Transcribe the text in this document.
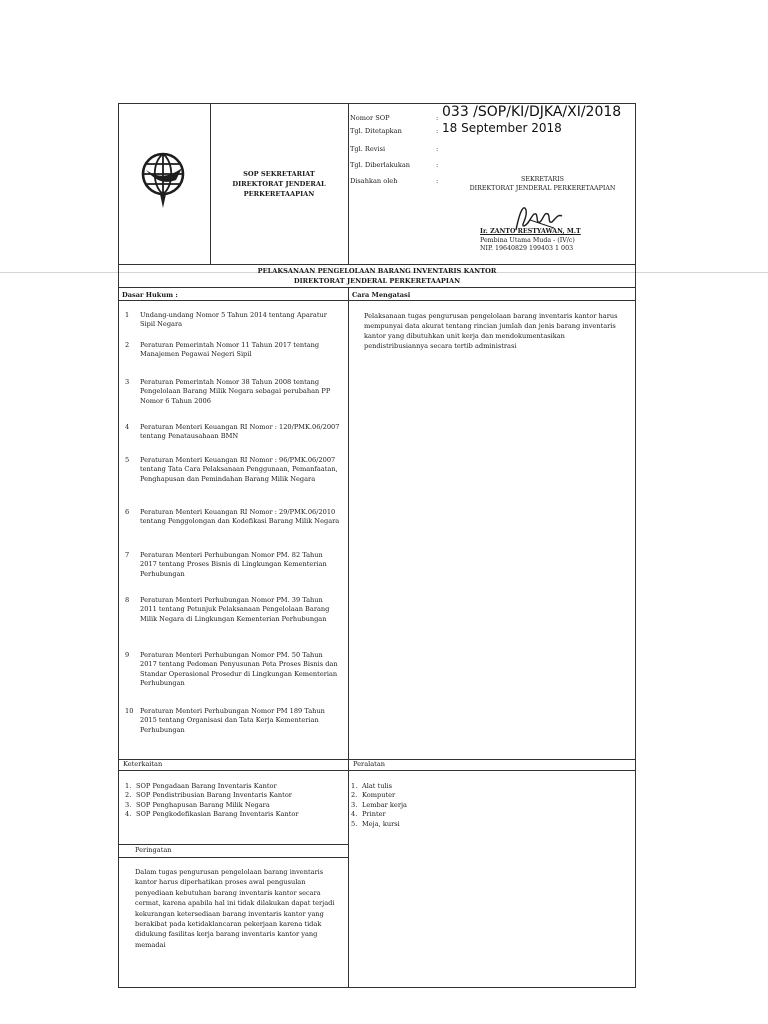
SOP SEKRETARIAT DIREKTORAT JENDERAL PERKERETAAPIAN
Nomor SOP	: 033 /SOP/KI/DJKA/XI/2018
Tgl. Ditetapkan	: 18 September 2018
Tgl. Revisi	:
Tgl. Diberlakukan	:
Disahkan oleh	:	SEKRETARIS
DIREKTORAT JENDERAL PERKERETAAPIAN
Ir. ZANTO RESTYAWAN, M.T
Pembina Utama Muda - (IV/c)
NIP. 19640829 199403 1 003
PELAKSANAAN PENGELOLAAN BARANG INVENTARIS KANTOR
DIREKTORAT JENDERAL PERKERETAAPIAN
Dasar Hukum :
1	Undang-undang Nomor 5 Tahun 2014 tentang Aparatur Sipil Negara
2	Peraturan Pemerintah Nomor 11 Tahun 2017 tentang Manajemen Pegawai Negeri Sipil
3	Peraturan Pemerintah Nomor 38 Tahun 2008 tentang Pengelolaan Barang Milik Negara sebagai perubahan PP Nomor 6 Tahun 2006
4	Peraturan Menteri Keuangan RI Nomor : 120/PMK.06/2007 tentang Penatausahaan BMN
5	Peraturan Menteri Keuangan RI Nomor : 96/PMK.06/2007 tentang Tata Cara Pelaksanaan Penggunaan, Pemanfaatan, Penghapusan dan Pemindahan Barang Milik Negara
6	Peraturan Menteri Keuangan RI Nomor : 29/PMK.06/2010 tentang Penggolongan dan Kodefikasi Barang Milik Negara
7	Peraturan Menteri Perhubungan Nomor PM. 82 Tahun 2017 tentang Proses Bisnis di Lingkungan Kementerian Perhubungan
8	Peraturan Menteri Perhubungan Nomor PM. 39 Tahun 2011 tentang Petunjuk Pelaksanaan Pengelolaan Barang Milik Negara di Lingkungan Kementerian Perhubungan
9	Peraturan Menteri Perhubungan Nomor PM. 50 Tahun 2017 tentang Pedoman Penyusunan Peta Proses Bisnis dan Standar Operasional Prosedur di Lingkungan Kementerian Perhubungan
10 Peraturan Menteri Perhubungan Nomor PM 189 Tahun 2015 tentang Organisasi dan Tata Kerja Kementerian Perhubungan
Cara Mengatasi
Pelaksanaan tugas pengurusan pengelolaan barang inventaris kantor harus mempunyai data akurat tentang rincian jumlah dan jenis barang inventaris kantor yang dibutuhkan unit kerja dan mendokumentasikan pendistribusiannya secara tertib administrasi
Keterkaitan
1. SOP Pengadaan Barang Inventaris Kantor
2. SOP Pendistribusian Barang Inventaris Kantor
3. SOP Penghapusan Barang Milik Negara
4. SOP Pengkodefikasian Barang Inventaris Kantor
Peralatan
1. Alat tulis
2. Komputer
3. Lembar kerja
4. Printer
5. Meja, kursi
Peringatan
Dalam tugas pengurusan pengelolaan barang inventaris kantor harus diperhatikan proses awal pengusulan penyediaan kebutuhan barang inventaris kantor secara cermat, karena apabila hal ini tidak dilakukan dapat terjadi kekurangan ketersediaan barang inventaris kantor yang berakibat pada ketidaklancaran pekerjaan karena tidak didukung fasilitas kerja barang inventaris kantor yang memadai
